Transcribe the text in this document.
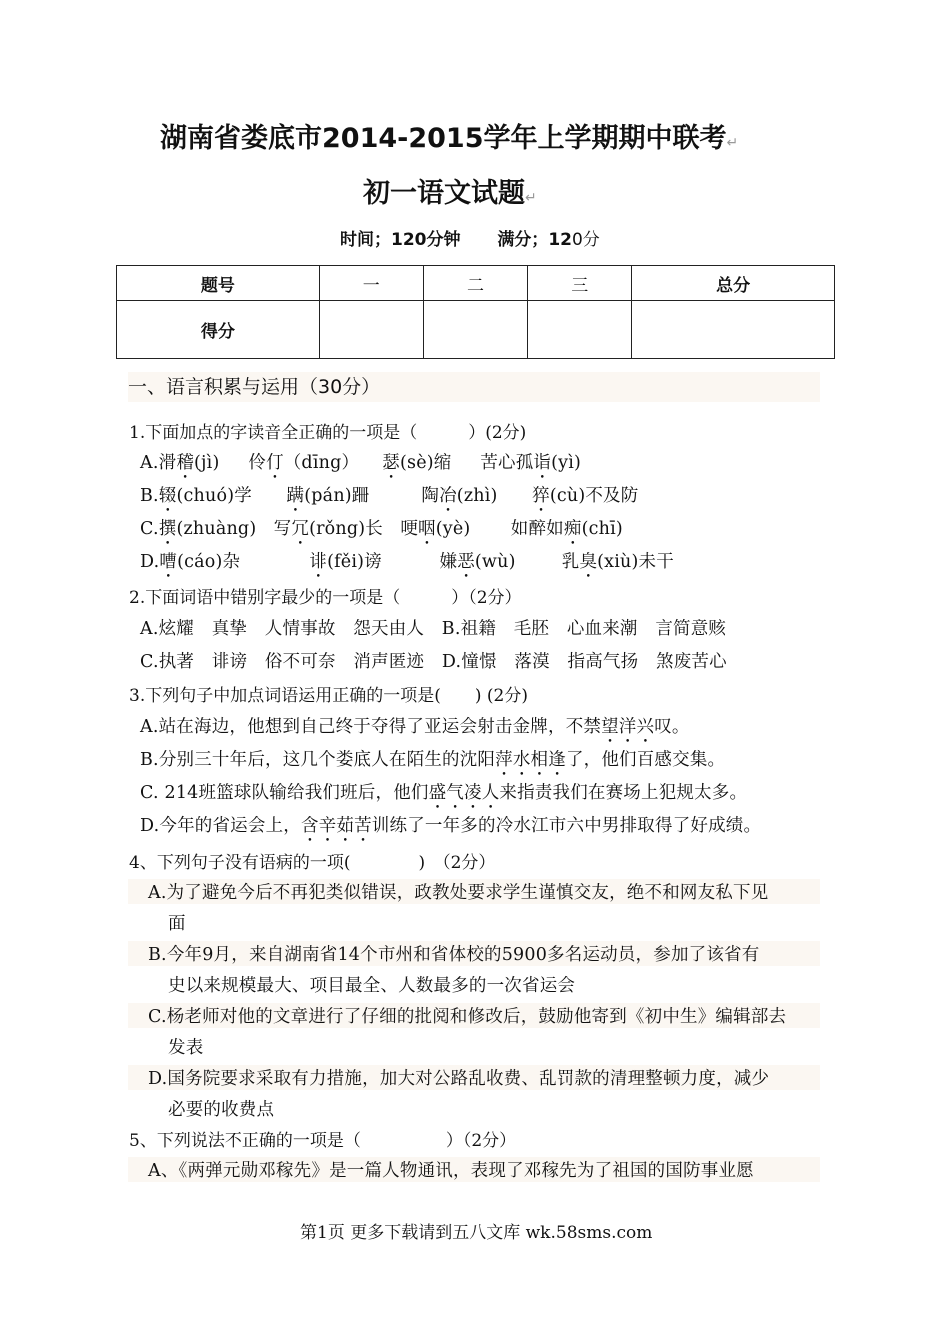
湖南省娄底市2014-2015学年上学期期中联考↵
初一语文试题↵
时间；120分钟 满分；120分
题号	一	二	三	总分
得分				
一、语言积累与运用（30分）
1.下面加点的字读音全正确的一项是（　　　）(2分)
A.滑稽(jì) 伶仃（dīng） 瑟(sè)缩 苦心孤诣(yì)
B.辍(chuó)学 蹒(pán)跚	陶冶(zhì) 猝(cù)不及防
C.撰(zhuàng) 写冗(rǒng)长 哽咽(yè) 如醉如痴(chī)
D.嘈(cáo)杂	诽(fěi)谤	嫌恶(wù)	乳臭(xiù)未干
2.下面词语中错别字最少的一项是（　　　）（2分）
A.炫耀　真挚　人情事故　怨天由人　B.祖籍　毛胚　心血来潮　言简意赅
C.执著　诽谤　俗不可奈　消声匿迹　D.憧憬　落漠　指高气扬　煞废苦心
3.下列句子中加点词语运用正确的一项是(　　) (2分)
A.站在海边，他想到自己终于夺得了亚运会射击金牌，不禁望洋兴叹。
B.分别三十年后，这几个娄底人在陌生的沈阳萍水相逢了，他们百感交集。
C. 214班篮球队输给我们班后，他们盛气凌人来指责我们在赛场上犯规太多。
D.今年的省运会上，含辛茹苦训练了一年多的冷水江市六中男排取得了好成绩。
4、下列句子没有语病的一项(　　　　)　（2分）
A.为了避免今后不再犯类似错误，政教处要求学生谨慎交友，绝不和网友私下见
面
B.今年9月，来自湖南省14个市州和省体校的5900多名运动员，参加了该省有
史以来规模最大、项目最全、人数最多的一次省运会
C.杨老师对他的文章进行了仔细的批阅和修改后，鼓励他寄到《初中生》编辑部去
发表
D.国务院要求采取有力措施，加大对公路乱收费、乱罚款的清理整顿力度，减少
必要的收费点
5、下列说法不正确的一项是（　　　　　）（2分）
A、《两弹元勋邓稼先》是一篇人物通讯，表现了邓稼先为了祖国的国防事业愿
第1页 更多下载请到五八文库 wk.58sms.com
